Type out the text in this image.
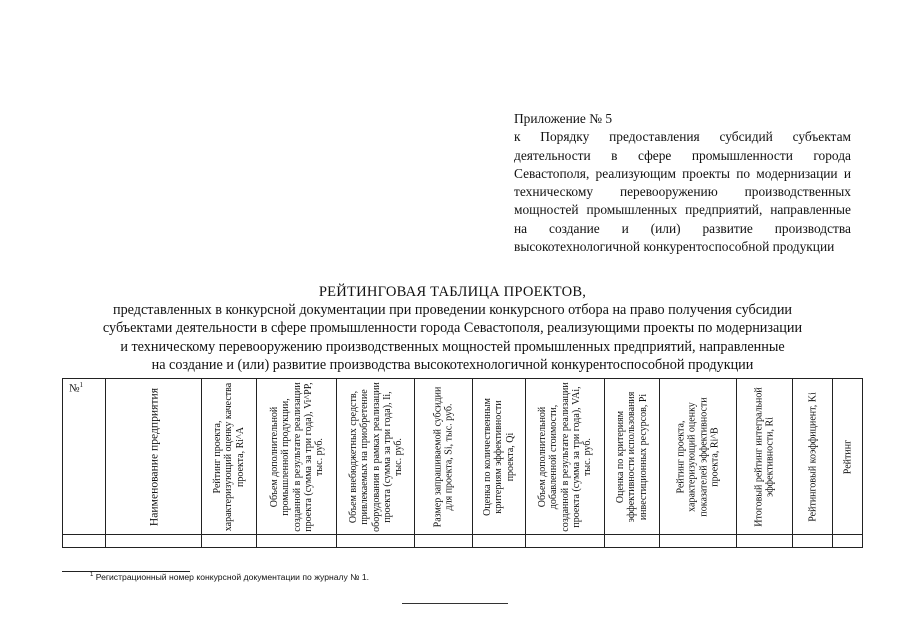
Приложение № 5
к Порядку предоставления субсидий субъектам деятельности в сфере промышленности города Севастополя, реализующим проекты по модернизации и техническому перевооружению производственных мощностей промышленных предприятий, направленные на создание и (или) развитие производства высокотехнологичной конкурентоспособной продукции
РЕЙТИНГОВАЯ ТАБЛИЦА ПРОЕКТОВ,
представленных в конкурсной документации при проведении конкурсного отбора на право получения субсидии
субъектами деятельности в сфере промышленности города Севастополя, реализующими проекты по модернизации
и техническому перевооружению производственных мощностей промышленных предприятий, направленные
на создание и (или) развитие производства высокотехнологичной конкурентоспособной продукции
№$^1$	Наименование предприятия	Рейтинг проекта, характеризующий оценку качества проекта, Ri^A	Объем дополнительной промышленной продукции, созданной в результате реализации проекта (сумма за три года), Vi^PP, тыс. руб.	Объем внебюджетных средств, привлекаемых на приобретение оборудования в рамках реализации проекта (сумма за три года), Ii, тыс. руб.	Размер запрашиваемой субсидии для проекта, Si, тыс. руб.	Оценка по количественным критериям эффективности проекта, Qi	Объем дополнительной добавленной стоимости, созданной в результате реализации проекта (сумма за три года), VAi, тыс. руб.	Оценка по критериям эффективности использования инвестиционных ресурсов, Pi	Рейтинг проекта, характеризующий оценку показателей эффективности проекта, Ri^B	Итоговый рейтинг интегральной эффективности, Ri	Рейтинговый коэффициент, Ki	Рейтинг

$^1$ Регистрационный номер конкурсной документации по журналу № 1.
